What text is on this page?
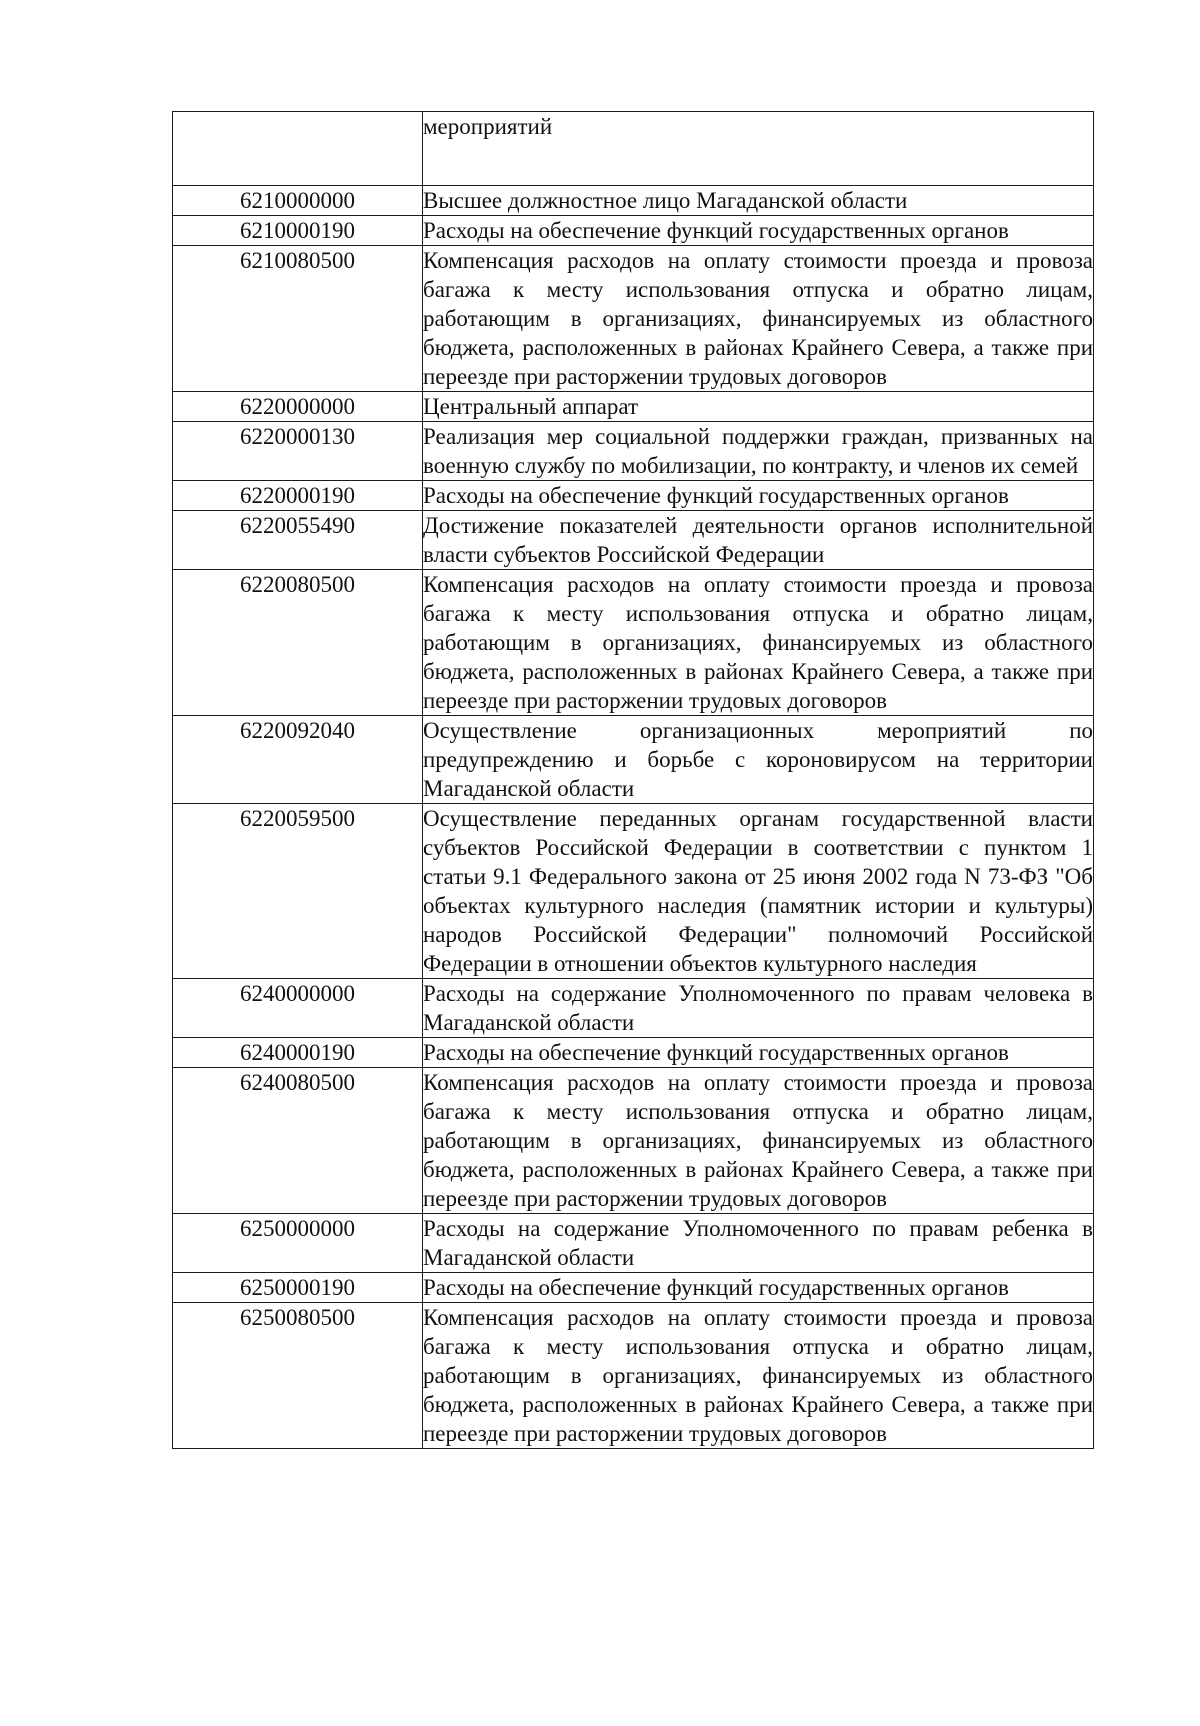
	мероприятий
6210000000	Высшее должностное лицо Магаданской области
6210000190	Расходы на обеспечение функций государственных органов
6210080500	Компенсация расходов на оплату стоимости проезда и провоза багажа к месту использования отпуска и обратно лицам, работающим в организациях, финансируемых из областного бюджета, расположенных в районах Крайнего Севера, а также при переезде при расторжении трудовых договоров
6220000000	Центральный аппарат
6220000130	Реализация мер социальной поддержки граждан, призванных на военную службу по мобилизации, по контракту, и членов их семей
6220000190	Расходы на обеспечение функций государственных органов
6220055490	Достижение показателей деятельности органов исполнительной власти субъектов Российской Федерации
6220080500	Компенсация расходов на оплату стоимости проезда и провоза багажа к месту использования отпуска и обратно лицам, работающим в организациях, финансируемых из областного бюджета, расположенных в районах Крайнего Севера, а также при переезде при расторжении трудовых договоров
6220092040	Осуществление организационных мероприятий по предупреждению и борьбе с короновирусом на территории Магаданской области
6220059500	Осуществление переданных органам государственной власти субъектов Российской Федерации в соответствии с пунктом 1 статьи 9.1 Федерального закона от 25 июня 2002 года N 73-ФЗ "Об объектах культурного наследия (памятник истории и культуры) народов Российской Федерации" полномочий Российской Федерации в отношении объектов культурного наследия
6240000000	Расходы на содержание Уполномоченного по правам человека в Магаданской области
6240000190	Расходы на обеспечение функций государственных органов
6240080500	Компенсация расходов на оплату стоимости проезда и провоза багажа к месту использования отпуска и обратно лицам, работающим в организациях, финансируемых из областного бюджета, расположенных в районах Крайнего Севера, а также при переезде при расторжении трудовых договоров
6250000000	Расходы на содержание Уполномоченного по правам ребенка в Магаданской области
6250000190	Расходы на обеспечение функций государственных органов
6250080500	Компенсация расходов на оплату стоимости проезда и провоза багажа к месту использования отпуска и обратно лицам, работающим в организациях, финансируемых из областного бюджета, расположенных в районах Крайнего Севера, а также при переезде при расторжении трудовых договоров
